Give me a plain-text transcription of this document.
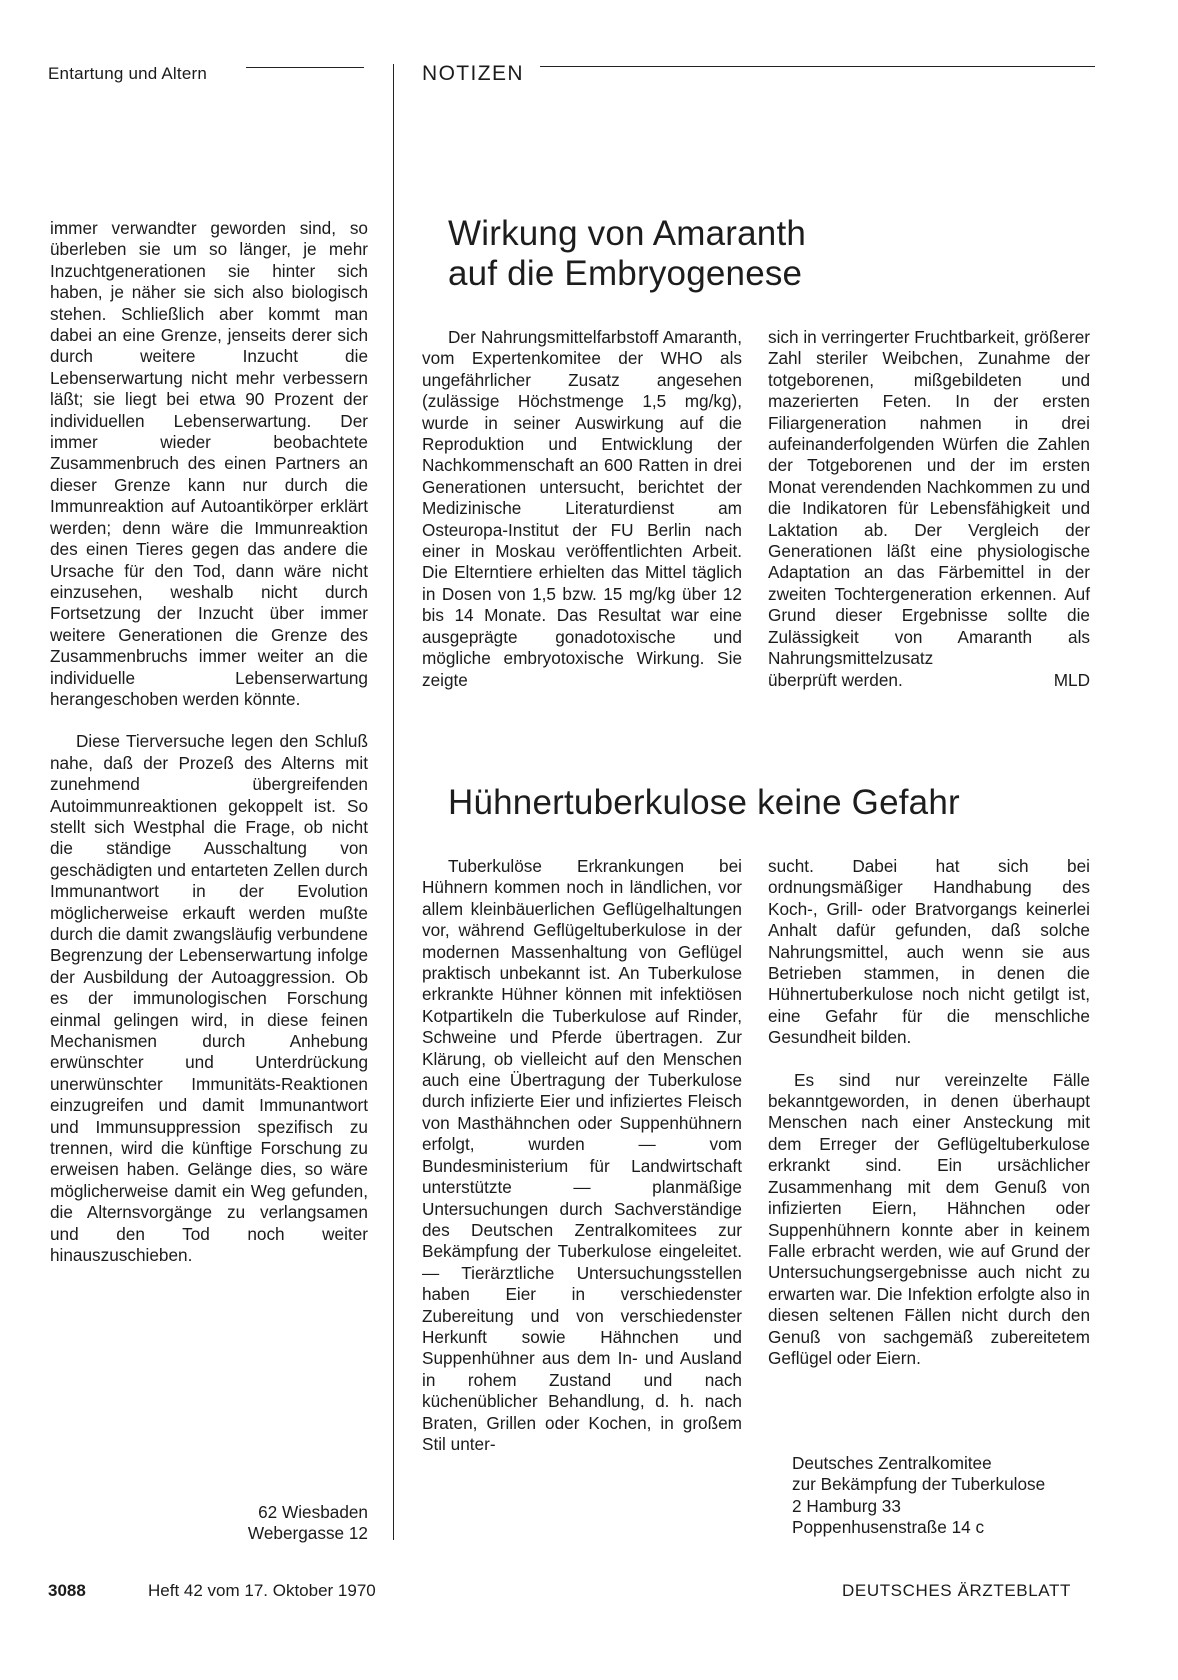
Entartung und Altern	NOTIZEN

immer verwandter geworden sind, so überleben sie um so länger, je mehr Inzuchtgenerationen sie hinter sich haben, je näher sie sich also biologisch stehen. Schließlich aber kommt man dabei an eine Grenze, jenseits derer sich durch weitere Inzucht die Lebenserwartung nicht mehr verbessern läßt; sie liegt bei etwa 90 Prozent der individuellen Lebenserwartung. Der immer wieder beobachtete Zusammenbruch des einen Partners an dieser Grenze kann nur durch die Immunreaktion auf Autoantikörper erklärt werden; denn wäre die Immunreaktion des einen Tieres gegen das andere die Ursache für den Tod, dann wäre nicht einzusehen, weshalb nicht durch Fortsetzung der Inzucht über immer weitere Generationen die Grenze des Zusammenbruchs immer weiter an die individuelle Lebenserwartung herangeschoben werden könnte.

Diese Tierversuche legen den Schluß nahe, daß der Prozeß des Alterns mit zunehmend übergreifenden Autoimmunreaktionen gekoppelt ist. So stellt sich Westphal die Frage, ob nicht die ständige Ausschaltung von geschädigten und entarteten Zellen durch Immunantwort in der Evolution möglicherweise erkauft werden mußte durch die damit zwangsläufig verbundene Begrenzung der Lebenserwartung infolge der Ausbildung der Autoaggression. Ob es der immunologischen Forschung einmal gelingen wird, in diese feinen Mechanismen durch Anhebung erwünschter und Unterdrückung unerwünschter Immunitäts-Reaktionen einzugreifen und damit Immunantwort und Immunsuppression spezifisch zu trennen, wird die künftige Forschung zu erweisen haben. Gelänge dies, so wäre möglicherweise damit ein Weg gefunden, die Alternsvorgänge zu verlangsamen und den Tod noch weiter hinauszuschieben.

62 Wiesbaden
Webergasse 12
Wirkung von Amaranth
auf die Embryogenese

Der Nahrungsmittelfarbstoff Amaranth, vom Expertenkomitee der WHO als ungefährlicher Zusatz angesehen (zulässige Höchstmenge 1,5 mg/kg), wurde in seiner Auswirkung auf die Reproduktion und Entwicklung der Nachkommenschaft an 600 Ratten in drei Generationen untersucht, berichtet der Medizinische Literaturdienst am Osteuropa-Institut der FU Berlin nach einer in Moskau veröffentlichten Arbeit. Die Elterntiere erhielten das Mittel täglich in Dosen von 1,5 bzw. 15 mg/kg über 12 bis 14 Monate. Das Resultat war eine ausgeprägte gonadotoxische und mögliche embryotoxische Wirkung. Sie zeigte

sich in verringerter Fruchtbarkeit, größerer Zahl steriler Weibchen, Zunahme der totgeborenen, mißgebildeten und mazerierten Feten. In der ersten Filiargeneration nahmen in drei aufeinanderfolgenden Würfen die Zahlen der Totgeborenen und der im ersten Monat verendenden Nachkommen zu und die Indikatoren für Lebensfähigkeit und Laktation ab. Der Vergleich der Generationen läßt eine physiologische Adaptation an das Färbemittel in der zweiten Tochtergeneration erkennen. Auf Grund dieser Ergebnisse sollte die Zulässigkeit von Amaranth als Nahrungsmittelzusatz

überprüft werden.	MLD
Hühnertuberkulose keine Gefahr

Tuberkulöse Erkrankungen bei Hühnern kommen noch in ländlichen, vor allem kleinbäuerlichen Geflügelhaltungen vor, während Geflügeltuberkulose in der modernen Massenhaltung von Geflügel praktisch unbekannt ist. An Tuberkulose erkrankte Hühner können mit infektiösen Kotpartikeln die Tuberkulose auf Rinder, Schweine und Pferde übertragen. Zur Klärung, ob vielleicht auf den Menschen auch eine Übertragung der Tuberkulose durch infizierte Eier und infiziertes Fleisch von Masthähnchen oder Suppenhühnern erfolgt, wurden — vom Bundesministerium für Landwirtschaft unterstützte — planmäßige Untersuchungen durch Sachverständige des Deutschen Zentralkomitees zur Bekämpfung der Tuberkulose eingeleitet. — Tierärztliche Untersuchungsstellen haben Eier in verschiedenster Zubereitung und von verschiedenster Herkunft sowie Hähnchen und Suppenhühner aus dem In- und Ausland in rohem Zustand und nach küchenüblicher Behandlung, d. h. nach Braten, Grillen oder Kochen, in großem Stil unter-

sucht. Dabei hat sich bei ordnungsmäßiger Handhabung des Koch-, Grill- oder Bratvorgangs keinerlei Anhalt dafür gefunden, daß solche Nahrungsmittel, auch wenn sie aus Betrieben stammen, in denen die Hühnertuberkulose noch nicht getilgt ist, eine Gefahr für die menschliche Gesundheit bilden.

Es sind nur vereinzelte Fälle bekanntgeworden, in denen überhaupt Menschen nach einer Ansteckung mit dem Erreger der Geflügeltuberkulose erkrankt sind. Ein ursächlicher Zusammenhang mit dem Genuß von infizierten Eiern, Hähnchen oder Suppenhühnern konnte aber in keinem Falle erbracht werden, wie auf Grund der Untersuchungsergebnisse auch nicht zu erwarten war. Die Infektion erfolgte also in diesen seltenen Fällen nicht durch den Genuß von sachgemäß zubereitetem Geflügel oder Eiern.

Deutsches Zentralkomitee
zur Bekämpfung der Tuberkulose
2 Hamburg 33
Poppenhusenstraße 14 c
3088	Heft 42 vom 17. Oktober 1970	DEUTSCHES ÄRZTEBLATT
